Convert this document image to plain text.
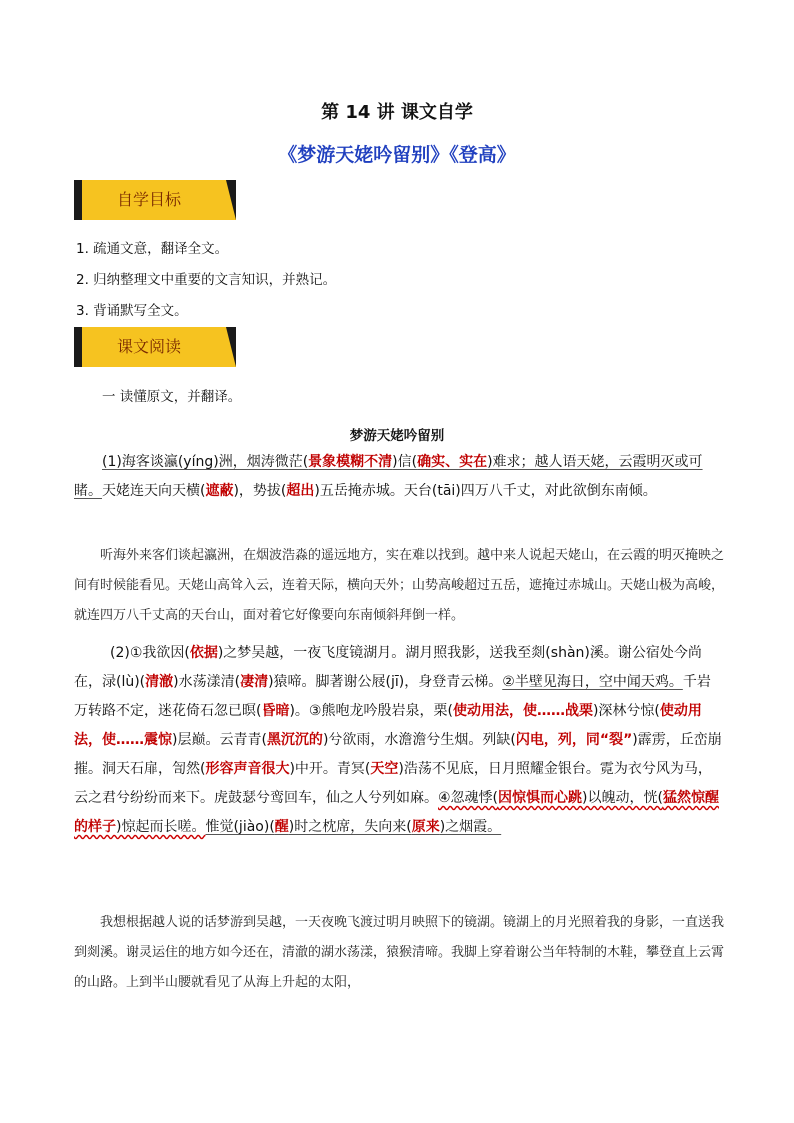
第 14 讲 课文自学
《梦游天姥吟留别》《登高》
自学目标
1. 疏通文意，翻译全文。
2. 归纳整理文中重要的文言知识，并熟记。
3. 背诵默写全文。
课文阅读
一 读懂原文，并翻译。
梦游天姥吟留别

(1)海客谈瀛(yíng)洲，烟涛微茫(景象模糊不清)信(确实、实在)难求；越人语天姥，云霞明灭或可睹。天姥连天向天横(遮蔽)，势拔(超出)五岳掩赤城。天台(tāi)四万八千丈，对此欲倒东南倾。

听海外来客们谈起瀛洲，在烟波浩淼的遥远地方，实在难以找到。越中来人说起天姥山，在云霞的明灭掩映之间有时候能看见。天姥山高耸入云，连着天际，横向天外；山势高峻超过五岳，遮掩过赤城山。天姥山极为高峻，就连四万八千丈高的天台山，面对着它好像要向东南倾斜拜倒一样。

(2)①我欲因(依据)之梦吴越，一夜飞度镜湖月。湖月照我影，送我至剡(shàn)溪。谢公宿处今尚在，渌(lù)(清澈)水荡漾清(凄清)猿啼。脚著谢公屐(jī)，身登青云梯。②半壁见海日，空中闻天鸡。千岩万转路不定，迷花倚石忽已暝(昏暗)。③熊咆龙吟殷岩泉，栗(使动用法，使……战栗)深林兮惊(使动用法，使……震惊)层巅。云青青(黑沉沉的)兮欲雨，水澹澹兮生烟。列缺(闪电，列，同“裂”)霹雳，丘峦崩摧。洞天石扉，訇然(形容声音很大)中开。青冥(天空)浩荡不见底，日月照耀金银台。霓为衣兮风为马，云之君兮纷纷而来下。虎鼓瑟兮鸾回车，仙之人兮列如麻。④忽魂悸(因惊惧而心跳)以魄动，恍(猛然惊醒的样子)惊起而长嗟。惟觉(jiào)(醒)时之枕席，失向来(原来)之烟霞。

我想根据越人说的话梦游到吴越，一天夜晚飞渡过明月映照下的镜湖。镜湖上的月光照着我的身影，一直送我到剡溪。谢灵运住的地方如今还在，清澈的湖水荡漾，猿猴清啼。我脚上穿着谢公当年特制的木鞋，攀登直上云霄的山路。上到半山腰就看见了从海上升起的太阳，
